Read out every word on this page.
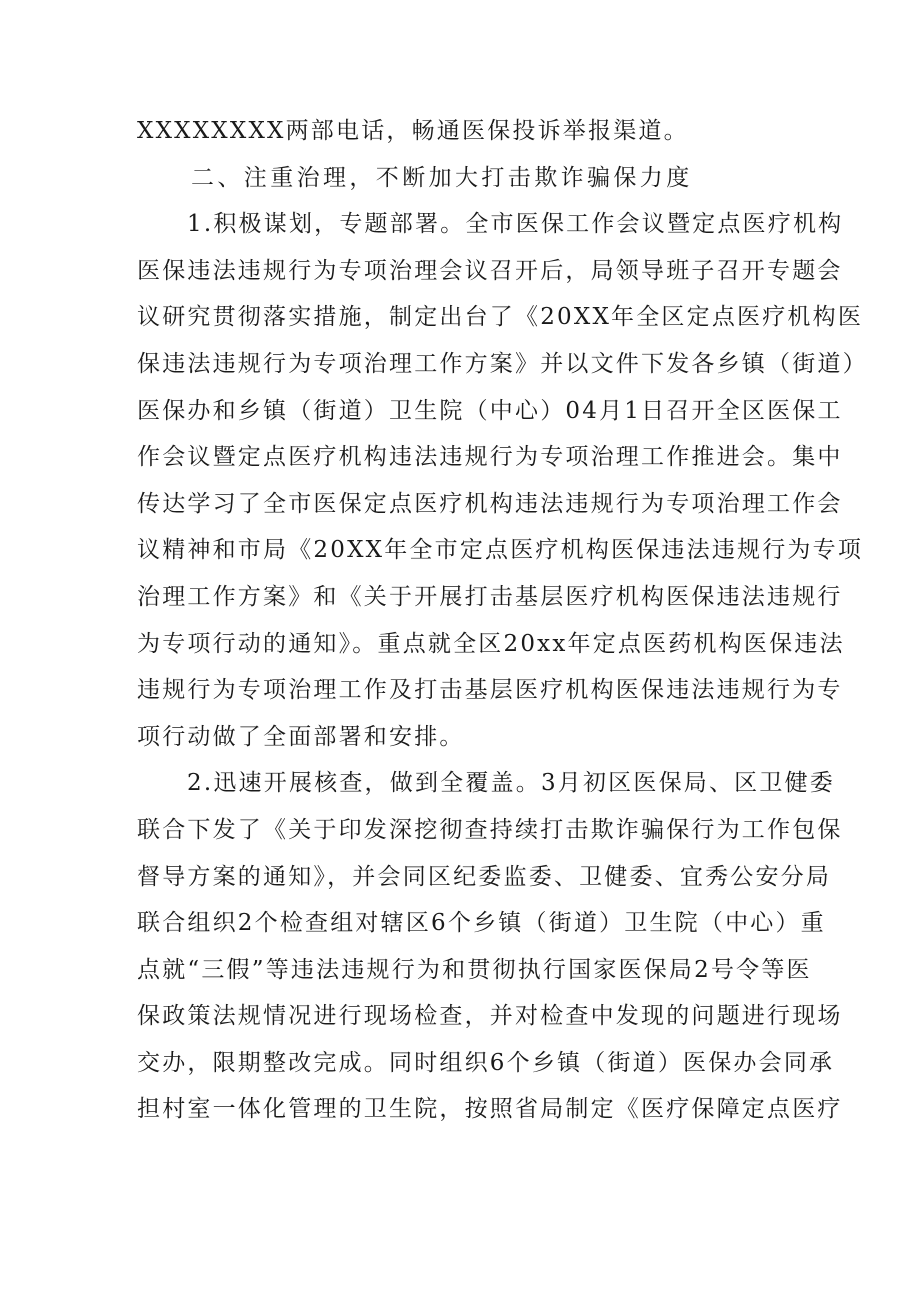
XXXXXXXX两部电话，畅通医保投诉举报渠道。
二、注重治理，不断加大打击欺诈骗保力度
1.积极谋划，专题部署。全市医保工作会议暨定点医疗机构
医保违法违规行为专项治理会议召开后，局领导班子召开专题会
议研究贯彻落实措施，制定出台了《20XX年全区定点医疗机构医
保违法违规行为专项治理工作方案》并以文件下发各乡镇（街道）
医保办和乡镇（街道）卫生院（中心）04月1日召开全区医保工
作会议暨定点医疗机构违法违规行为专项治理工作推进会。集中
传达学习了全市医保定点医疗机构违法违规行为专项治理工作会
议精神和市局《20XX年全市定点医疗机构医保违法违规行为专项
治理工作方案》和《关于开展打击基层医疗机构医保违法违规行
为专项行动的通知》。重点就全区20xx年定点医药机构医保违法
违规行为专项治理工作及打击基层医疗机构医保违法违规行为专
项行动做了全面部署和安排。
2.迅速开展核查，做到全覆盖。3月初区医保局、区卫健委
联合下发了《关于印发深挖彻查持续打击欺诈骗保行为工作包保
督导方案的通知》，并会同区纪委监委、卫健委、宜秀公安分局
联合组织2个检查组对辖区6个乡镇（街道）卫生院（中心）重
点就“三假”等违法违规行为和贯彻执行国家医保局2号令等医
保政策法规情况进行现场检查，并对检查中发现的问题进行现场
交办，限期整改完成。同时组织6个乡镇（街道）医保办会同承
担村室一体化管理的卫生院，按照省局制定《医疗保障定点医疗
